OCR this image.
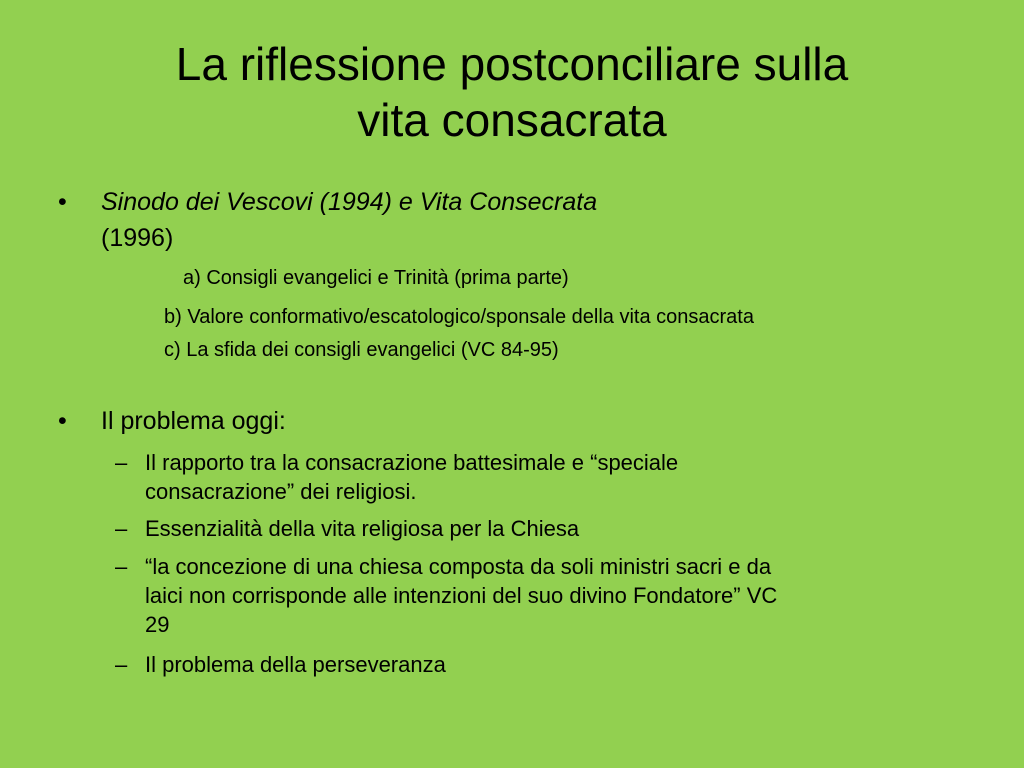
La riflessione postconciliare sulla
vita consacrata
•	Sinodo dei Vescovi (1994) e Vita Consecrata
(1996)
a) Consigli evangelici e Trinità (prima parte)
b) Valore conformativo/escatologico/sponsale della vita consacrata
c) La sfida dei consigli evangelici (VC 84-95)
•	Il problema oggi:
– Il rapporto tra la consacrazione battesimale e “speciale
consacrazione” dei religiosi.
– Essenzialità della vita religiosa per la Chiesa
– “la concezione di una chiesa composta da soli ministri sacri e da
laici non corrisponde alle intenzioni del suo divino Fondatore” VC
29
– Il problema della perseveranza
